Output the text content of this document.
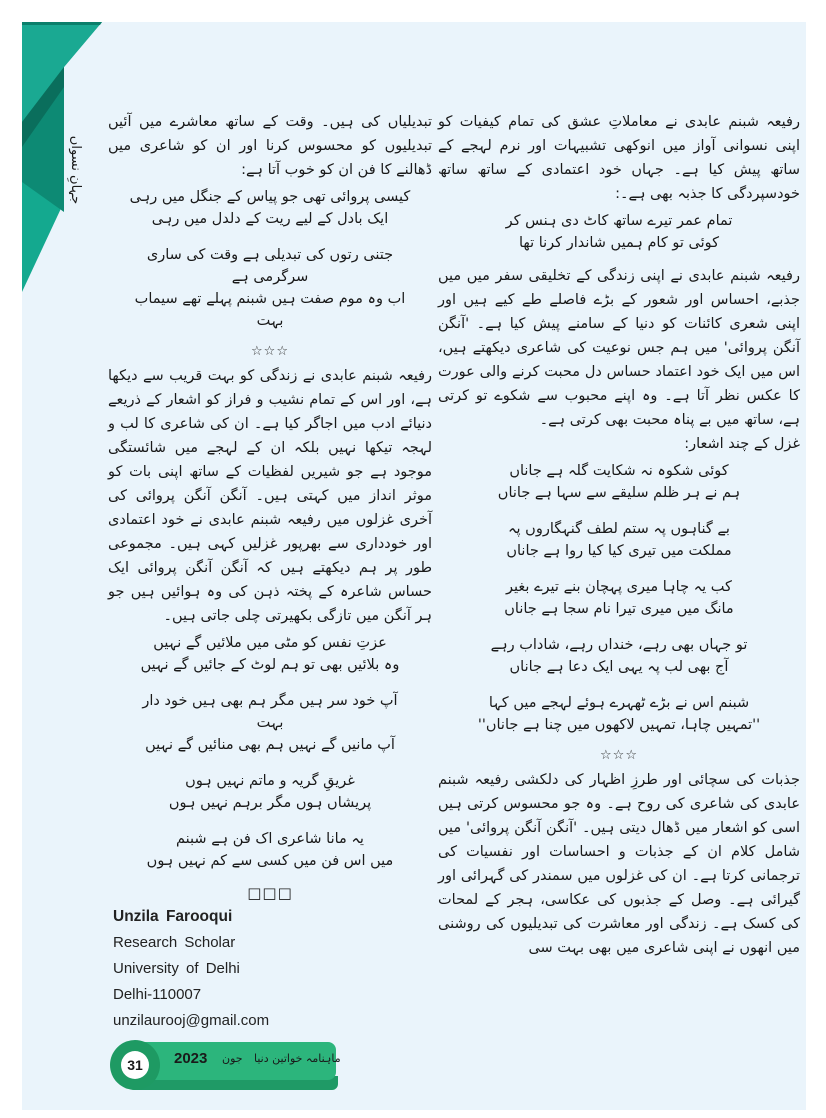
تبدیلیاں کی ہیں۔ وقت کے ساتھ معاشرے میں آئیں تبدیلیوں کو محسوس کرنا اور ان کو شاعری میں ڈھالنے کا فن ان کو خوب آتا ہے:
کیسی پروائی تھی جو پیاس کے جنگل میں رہی
ایک بادل کے لیے ریت کے دلدل میں رہی
جتنی رتوں کی تبدیلی ہے وقت کی ساری سرگرمی ہے
اب وہ موم صفت ہیں شبنم پہلے تھے سیماب بہت
☆☆☆
رفیعہ شبنم عابدی نے زندگی کو بہت قریب سے دیکھا ہے، اور اس کے تمام نشیب و فراز کو اشعار کے ذریعے دنیائے ادب میں اجاگر کیا ہے۔ ان کی شاعری کا لب و لہجہ تیکھا نہیں بلکہ ان کے لہجے میں شائستگی موجود ہے جو شیریں لفظیات کے ساتھ اپنی بات کو موثر انداز میں کہتی ہیں۔ آنگن آنگن پروائی کی آخری غزلوں میں رفیعہ شبنم عابدی نے خود اعتمادی اور خودداری سے بھرپور غزلیں کہی ہیں۔ مجموعی طور پر ہم دیکھتے ہیں کہ آنگن آنگن پروائی ایک حساس شاعرہ کے پختہ ذہن کی وہ ہوائیں ہیں جو ہر آنگن میں تازگی بکھیرتی چلی جاتی ہیں۔
عزتِ نفس کو مٹی میں ملائیں گے نہیں
وہ بلائیں بھی تو ہم لوٹ کے جائیں گے نہیں
آپ خود سر ہیں مگر ہم بھی ہیں خود دار بہت
آپ مانیں گے نہیں ہم بھی منائیں گے نہیں
غریقِ گریہ و ماتم نہیں ہوں
پریشاں ہوں مگر برہم نہیں ہوں
یہ مانا شاعری اک فن ہے شبنم
میں اس فن میں کسی سے کم نہیں ہوں
□□□
Unzila Farooqui
Research Scholar
University of Delhi
Delhi-110007
unzilaurooj@gmail.com
31	2023 جون ماہنامہ خواتین دنیا
رفیعہ شبنم عابدی نے معاملاتِ عشق کی تمام کیفیات کو اپنی نسوانی آواز میں انوکھی تشبیہات اور نرم لہجے کے ساتھ پیش کیا ہے۔ جہاں خود اعتمادی کے ساتھ ساتھ خودسپردگی کا جذبہ بھی ہے۔:
تمام عمر تیرے ساتھ کاٹ دی ہنس کر
کوئی تو کام ہمیں شاندار کرنا تھا
رفیعہ شبنم عابدی نے اپنی زندگی کے تخلیقی سفر میں میں جذبے، احساس اور شعور کے بڑے فاصلے طے کیے ہیں اور اپنی شعری کائنات کو دنیا کے سامنے پیش کیا ہے۔ 'آنگن آنگن پروائی' میں ہم جس نوعیت کی شاعری دیکھتے ہیں، اس میں ایک خود اعتماد حساس دل محبت کرنے والی عورت کا عکس نظر آتا ہے۔ وہ اپنے محبوب سے شکوے تو کرتی ہے، ساتھ میں بے پناہ محبت بھی کرتی ہے۔
غزل کے چند اشعار:
کوئی شکوہ نہ شکایت گلہ ہے جاناں
ہم نے ہر ظلم سلیقے سے سہا ہے جاناں
بے گناہوں پہ ستم لطف گنہگاروں پہ
مملکت میں تیری کیا کیا روا ہے جاناں
کب یہ چاہا میری پہچان بنے تیرے بغیر
مانگ میں میری تیرا نام سجا ہے جاناں
تو جہاں بھی رہے، خنداں رہے، شاداب رہے
آج بھی لب پہ یہی ایک دعا ہے جاناں
شبنم اس نے بڑے ٹھہرے ہوئے لہجے میں کہا
''تمہیں چاہا، تمہیں لاکھوں میں چنا ہے جاناں''
☆☆☆
جذبات کی سچائی اور طرزِ اظہار کی دلکشی رفیعہ شبنم عابدی کی شاعری کی روح ہے۔ وہ جو محسوس کرتی ہیں اسی کو اشعار میں ڈھال دیتی ہیں۔ 'آنگن آنگن پروائی' میں شامل کلام ان کے جذبات و احساسات اور نفسیات کی ترجمانی کرتا ہے۔ ان کی غزلوں میں سمندر کی گہرائی اور گیرائی ہے۔ وصل کے جذبوں کی عکاسی، ہجر کے لمحات کی کسک ہے۔ زندگی اور معاشرت کی تبدیلیوں کی روشنی میں انھوں نے اپنی شاعری میں بھی بہت سی
جہانِ نسواں
